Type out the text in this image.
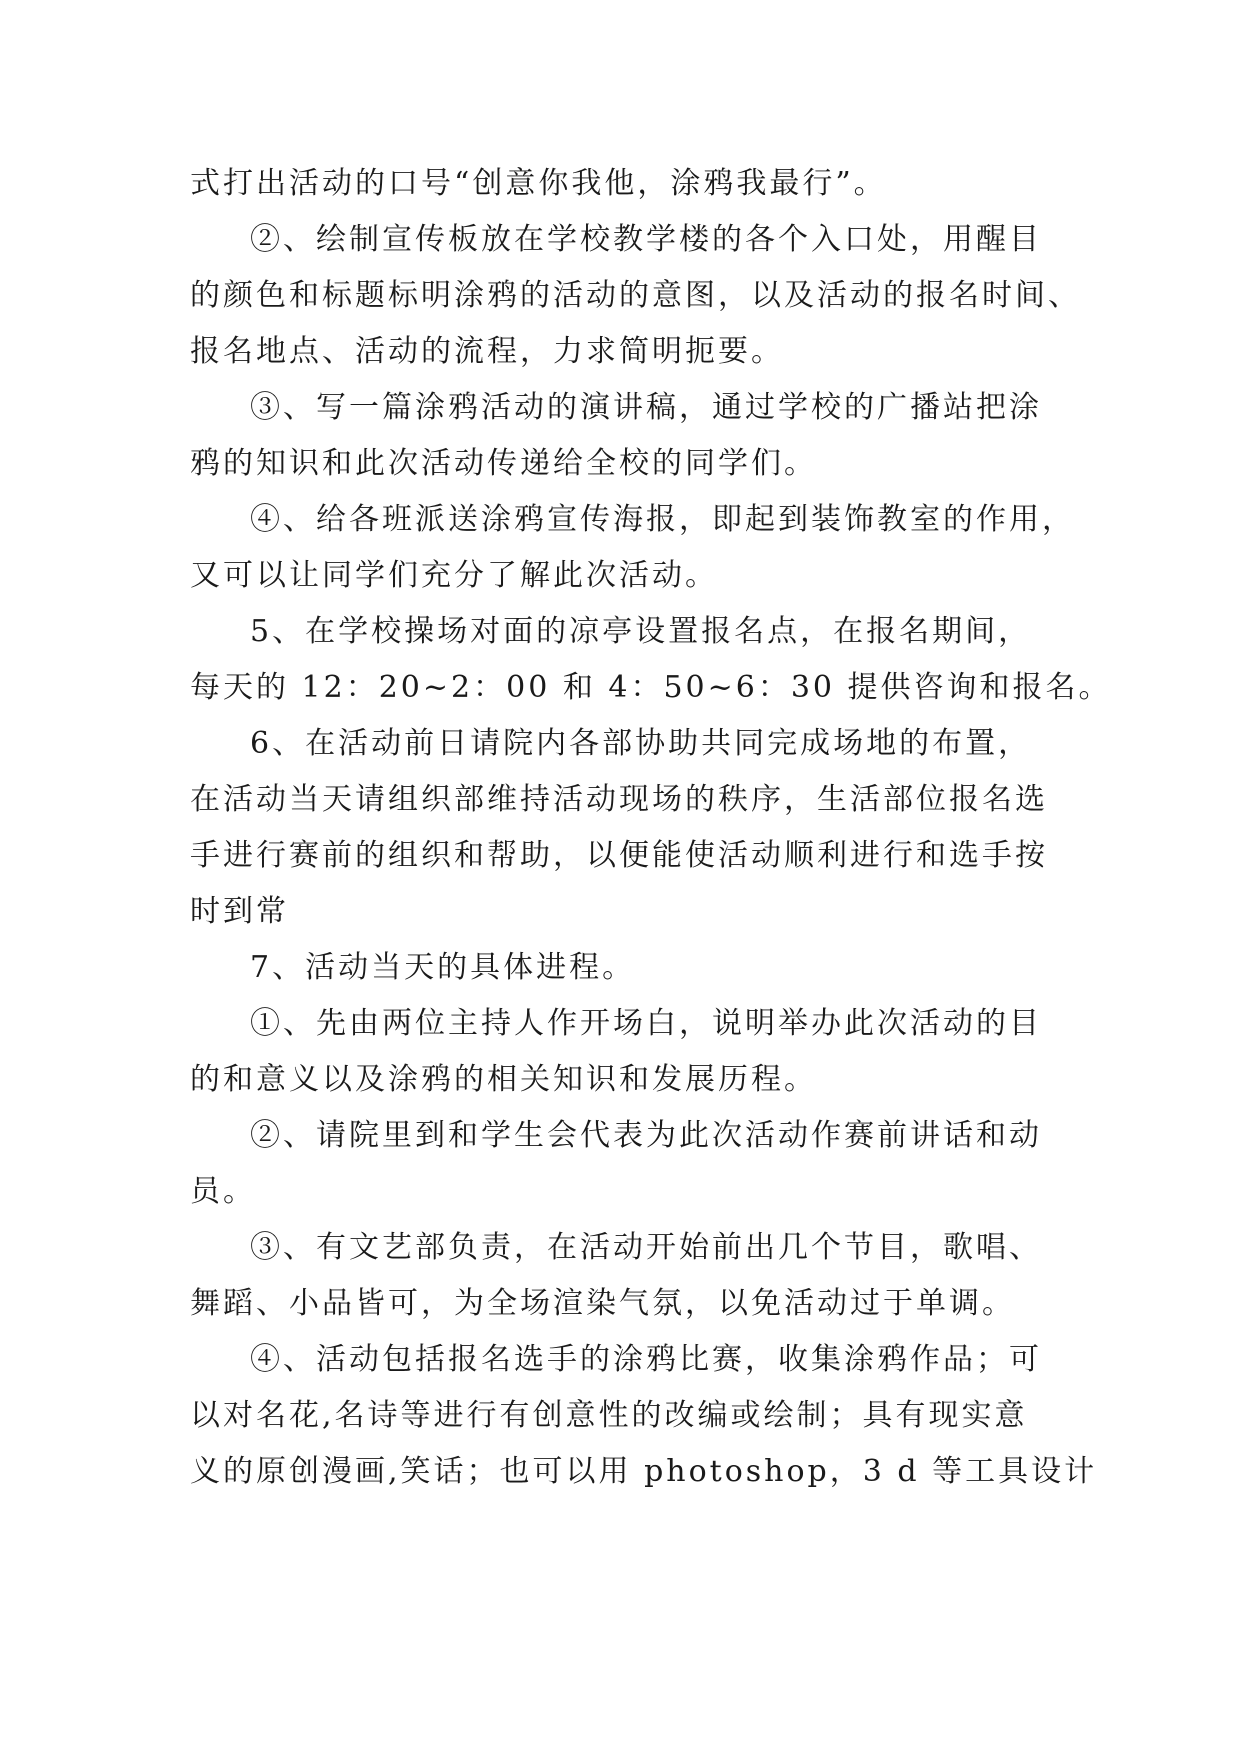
式打出活动的口号“创意你我他，涂鸦我最行”。
②、绘制宣传板放在学校教学楼的各个入口处，用醒目
的颜色和标题标明涂鸦的活动的意图，以及活动的报名时间、
报名地点、活动的流程，力求简明扼要。
③、写一篇涂鸦活动的演讲稿，通过学校的广播站把涂
鸦的知识和此次活动传递给全校的同学们。
④、给各班派送涂鸦宣传海报，即起到装饰教室的作用，
又可以让同学们充分了解此次活动。
5、在学校操场对面的凉亭设置报名点，在报名期间，
每天的 12：20~2：00 和 4：50~6：30 提供咨询和报名。
6、在活动前日请院内各部协助共同完成场地的布置，
在活动当天请组织部维持活动现场的秩序，生活部位报名选
手进行赛前的组织和帮助，以便能使活动顺利进行和选手按
时到常
7、活动当天的具体进程。
①、先由两位主持人作开场白，说明举办此次活动的目
的和意义以及涂鸦的相关知识和发展历程。
②、请院里到和学生会代表为此次活动作赛前讲话和动
员。
③、有文艺部负责，在活动开始前出几个节目，歌唱、
舞蹈、小品皆可，为全场渲染气氛，以免活动过于单调。
④、活动包括报名选手的涂鸦比赛，收集涂鸦作品；可
以对名花,名诗等进行有创意性的改编或绘制；具有现实意
义的原创漫画,笑话；也可以用 photoshop，3 d 等工具设计
